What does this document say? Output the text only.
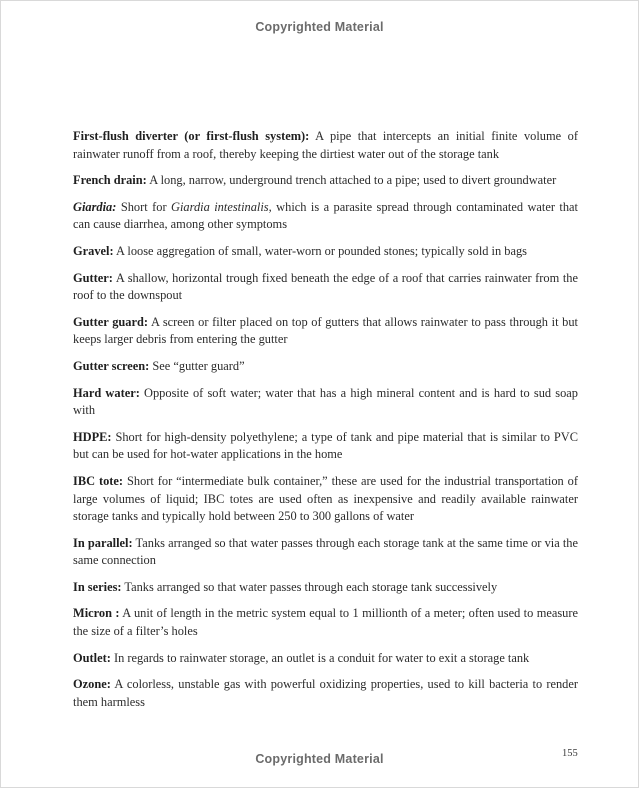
Copyrighted Material

First-flush diverter (or first-flush system): A pipe that intercepts an initial finite volume of rainwater runoff from a roof, thereby keeping the dirtiest water out of the storage tank

French drain: A long, narrow, underground trench attached to a pipe; used to divert groundwater

Giardia: Short for Giardia intestinalis, which is a parasite spread through contaminated water that can cause diarrhea, among other symptoms

Gravel: A loose aggregation of small, water-worn or pounded stones; typically sold in bags

Gutter: A shallow, horizontal trough fixed beneath the edge of a roof that carries rainwater from the roof to the downspout

Gutter guard: A screen or filter placed on top of gutters that allows rainwater to pass through it but keeps larger debris from entering the gutter

Gutter screen: See “gutter guard”

Hard water: Opposite of soft water; water that has a high mineral content and is hard to sud soap with

HDPE: Short for high-density polyethylene; a type of tank and pipe material that is similar to PVC but can be used for hot-water applications in the home

IBC tote: Short for “intermediate bulk container,” these are used for the industrial transportation of large volumes of liquid; IBC totes are used often as inexpensive and readily available rainwater storage tanks and typically hold between 250 to 300 gallons of water

In parallel: Tanks arranged so that water passes through each storage tank at the same time or via the same connection

In series: Tanks arranged so that water passes through each storage tank successively

Micron : A unit of length in the metric system equal to 1 millionth of a meter; often used to measure the size of a filter’s holes

Outlet: In regards to rainwater storage, an outlet is a conduit for water to exit a storage tank

Ozone: A colorless, unstable gas with powerful oxidizing properties, used to kill bacteria to render them harmless

155
Copyrighted Material
